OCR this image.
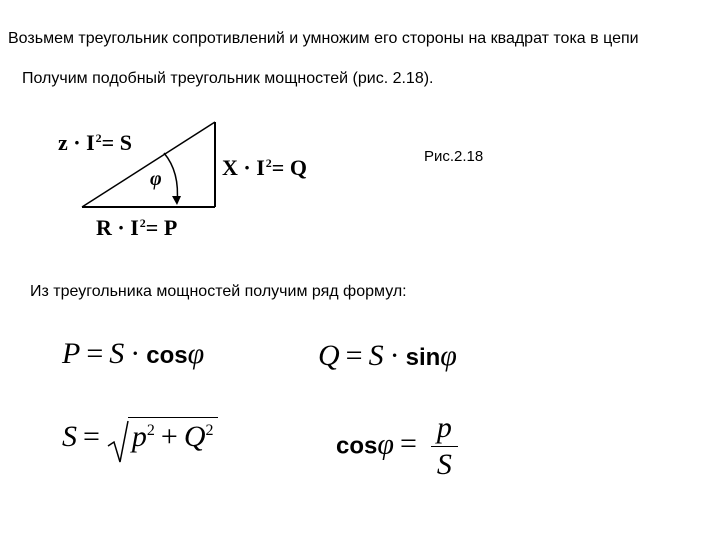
Возьмем треугольник сопротивлений и умножим его стороны на квадрат тока в цепи
Получим подобный треугольник мощностей (рис. 2.18).
$z \cdot I^2= S$
$X \cdot I^2= Q$
$R \cdot I^2= P$
φ
Рис.2.18
Из треугольника мощностей получим ряд формул:
P = S · cosφ	Q = S · sinφ
$S = p^2 + Q^2$
$\cos\varphi = \frac{p}{S}$
